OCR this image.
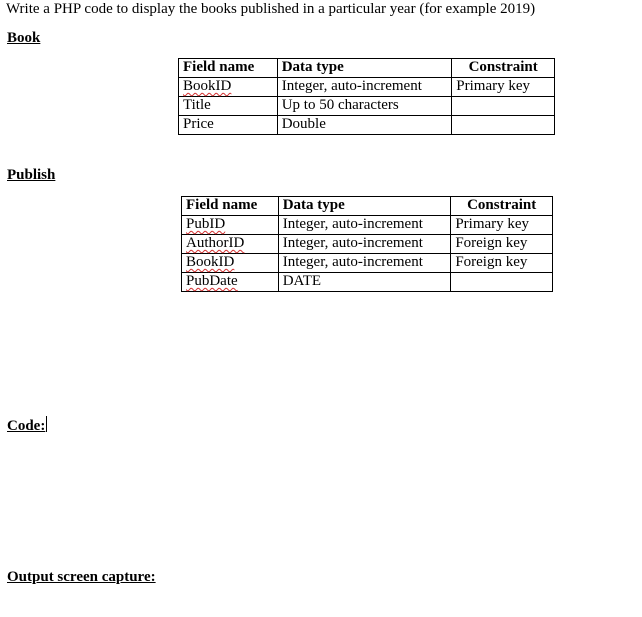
Write a PHP code to display the books published in a particular year (for example 2019)
Book
Field name	Data type	Constraint
BookID	Integer, auto-increment	Primary key
Title	Up to 50 characters	
Price	Double	
Publish
Field name	Data type	Constraint
PubID	Integer, auto-increment	Primary key
AuthorID	Integer, auto-increment	Foreign key
BookID	Integer, auto-increment	Foreign key
PubDate	DATE	
Code:
Output screen capture:
